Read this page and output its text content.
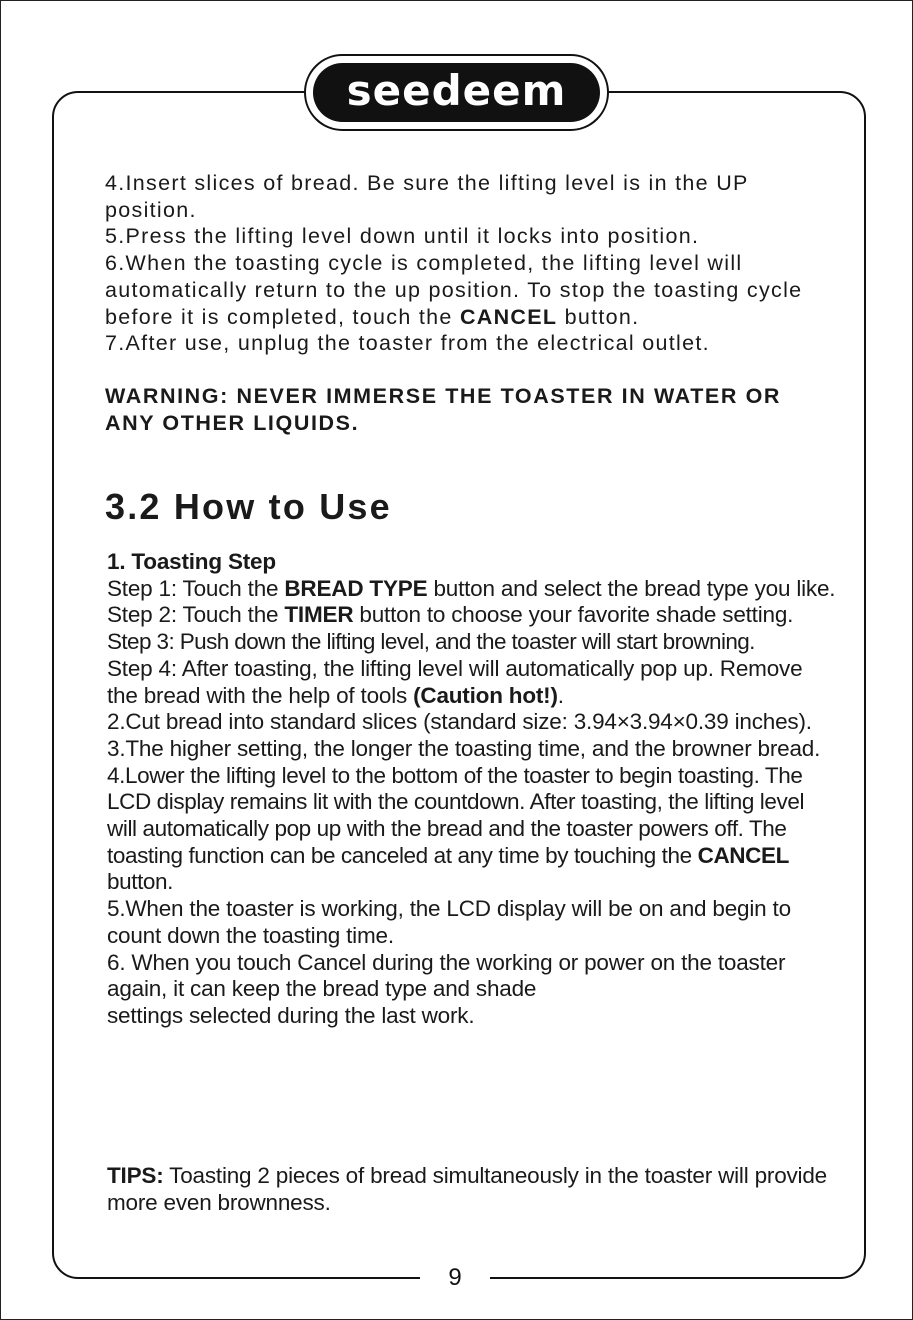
seedeem

4.Insert slices of bread. Be sure the lifting level is in the UP position.

5.Press the lifting level down until it locks into position.

6.When the toasting cycle is completed, the lifting level will automatically return to the up position. To stop the toasting cycle before it is completed, touch the CANCEL button.

7.After use, unplug the toaster from the electrical outlet.

WARNING: NEVER IMMERSE THE TOASTER IN WATER OR ANY OTHER LIQUIDS.

3.2 How to Use

1. Toasting Step

Step 1: Touch the BREAD TYPE button and select the bread type you like.

Step 2: Touch the TIMER button to choose your favorite shade setting.

Step 3: Push down the lifting level, and the toaster will start browning.

Step 4: After toasting, the lifting level will automatically pop up. Remove the bread with the help of tools (Caution hot!).

2.Cut bread into standard slices (standard size: 3.94×3.94×0.39 inches).

3.The higher setting, the longer the toasting time, and the browner bread.

4.Lower the lifting level to the bottom of the toaster to begin toasting. The LCD display remains lit with the countdown. After toasting, the lifting level will automatically pop up with the bread and the toaster powers off. The toasting function can be canceled at any time by touching the CANCEL button.

5.When the toaster is working, the LCD display will be on and begin to count down the toasting time.

6. When you touch Cancel during the working or power on the toaster again, it can keep the bread type and shade

settings selected during the last work.

TIPS: Toasting 2 pieces of bread simultaneously in the toaster will provide more even brownness.

9
